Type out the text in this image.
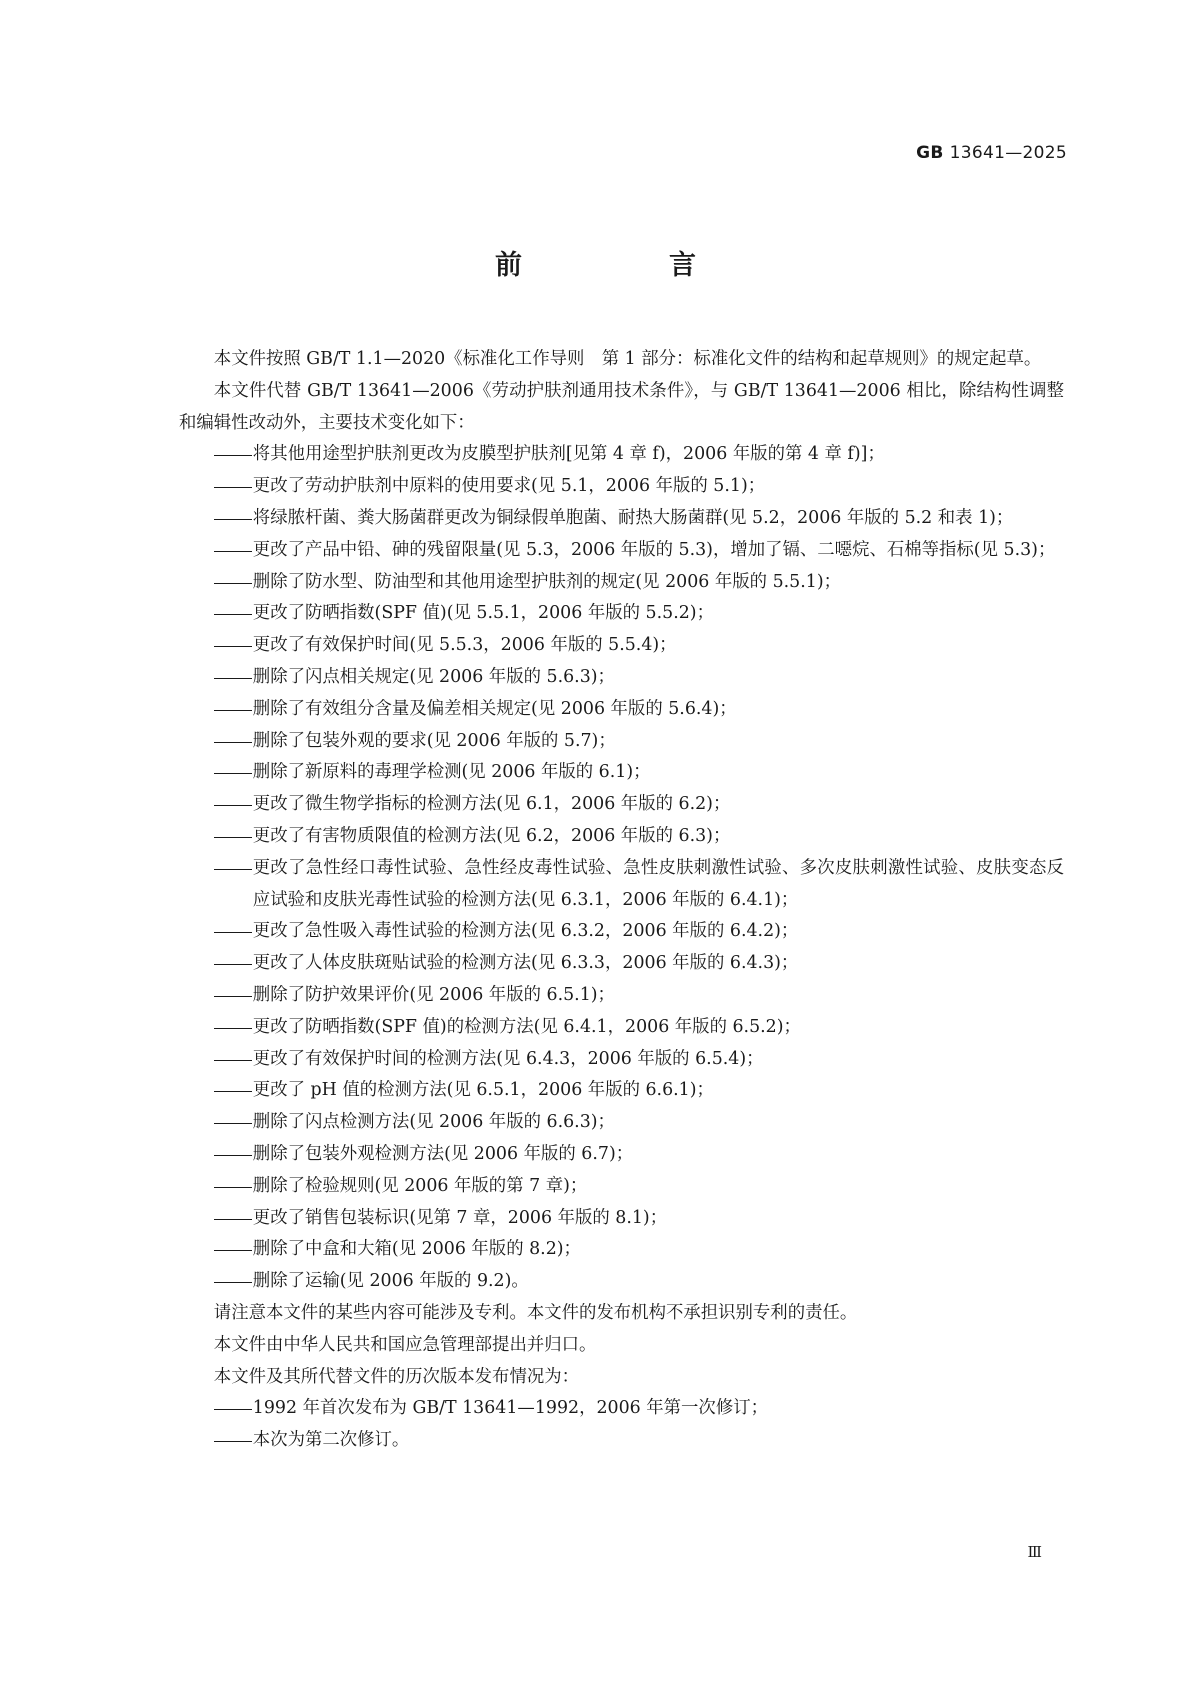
GB 13641—2025
前　言

本文件按照 GB/T 1.1—2020《标准化工作导则　第 1 部分：标准化文件的结构和起草规则》的规定起草。

本文件代替 GB/T 13641—2006《劳动护肤剂通用技术条件》，与 GB/T 13641—2006 相比，除结构性调整和编辑性改动外，主要技术变化如下：

将其他用途型护肤剂更改为皮膜型护肤剂[见第 4 章 f)，2006 年版的第 4 章 f)]；

更改了劳动护肤剂中原料的使用要求(见 5.1，2006 年版的 5.1)；

将绿脓杆菌、粪大肠菌群更改为铜绿假单胞菌、耐热大肠菌群(见 5.2，2006 年版的 5.2 和表 1)；

更改了产品中铅、砷的残留限量(见 5.3，2006 年版的 5.3)，增加了镉、二噁烷、石棉等指标(见 5.3)；

删除了防水型、防油型和其他用途型护肤剂的规定(见 2006 年版的 5.5.1)；

更改了防晒指数(SPF 值)(见 5.5.1，2006 年版的 5.5.2)；

更改了有效保护时间(见 5.5.3，2006 年版的 5.5.4)；

删除了闪点相关规定(见 2006 年版的 5.6.3)；

删除了有效组分含量及偏差相关规定(见 2006 年版的 5.6.4)；

删除了包装外观的要求(见 2006 年版的 5.7)；

删除了新原料的毒理学检测(见 2006 年版的 6.1)；

更改了微生物学指标的检测方法(见 6.1，2006 年版的 6.2)；

更改了有害物质限值的检测方法(见 6.2，2006 年版的 6.3)；

更改了急性经口毒性试验、急性经皮毒性试验、急性皮肤刺激性试验、多次皮肤刺激性试验、皮肤变态反应试验和皮肤光毒性试验的检测方法(见 6.3.1，2006 年版的 6.4.1)；

更改了急性吸入毒性试验的检测方法(见 6.3.2，2006 年版的 6.4.2)；

更改了人体皮肤斑贴试验的检测方法(见 6.3.3，2006 年版的 6.4.3)；

删除了防护效果评价(见 2006 年版的 6.5.1)；

更改了防晒指数(SPF 值)的检测方法(见 6.4.1，2006 年版的 6.5.2)；

更改了有效保护时间的检测方法(见 6.4.3，2006 年版的 6.5.4)；

更改了 pH 值的检测方法(见 6.5.1，2006 年版的 6.6.1)；

删除了闪点检测方法(见 2006 年版的 6.6.3)；

删除了包装外观检测方法(见 2006 年版的 6.7)；

删除了检验规则(见 2006 年版的第 7 章)；

更改了销售包装标识(见第 7 章，2006 年版的 8.1)；

删除了中盒和大箱(见 2006 年版的 8.2)；

删除了运输(见 2006 年版的 9.2)。

请注意本文件的某些内容可能涉及专利。本文件的发布机构不承担识别专利的责任。

本文件由中华人民共和国应急管理部提出并归口。

本文件及其所代替文件的历次版本发布情况为：

1992 年首次发布为 GB/T 13641—1992，2006 年第一次修订；

本次为第二次修订。

Ⅲ
